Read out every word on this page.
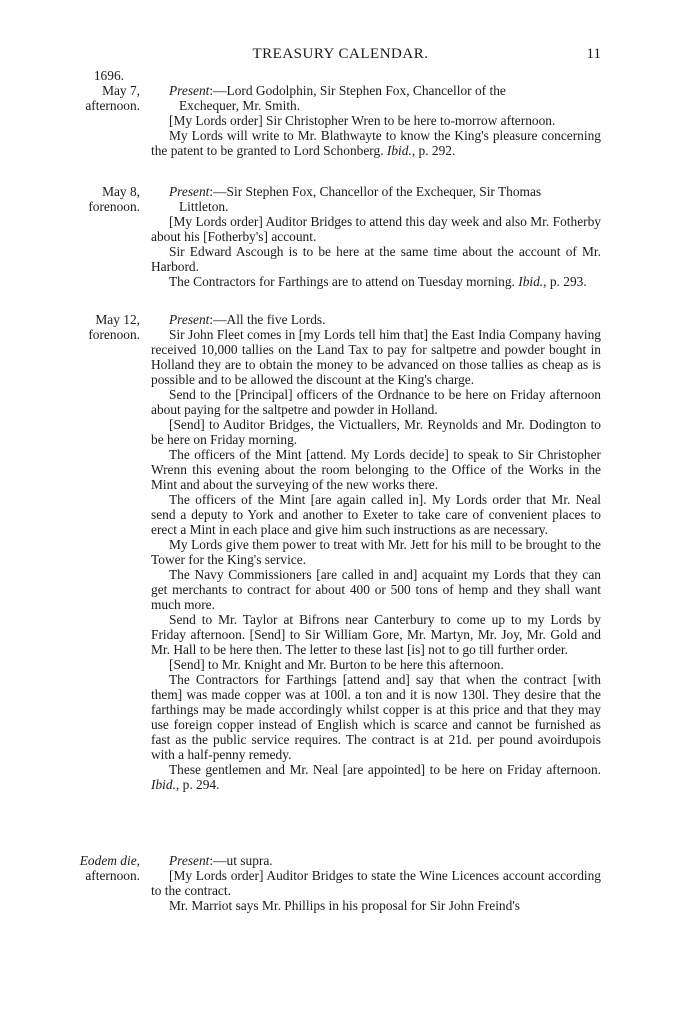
TREASURY CALENDAR.	11
1696.
May 7,
afternoon.

Present:—Lord Godolphin, Sir Stephen Fox, Chancellor of the
Exchequer, Mr. Smith.

[My Lords order] Sir Christopher Wren to be here to-morrow afternoon.

My Lords will write to Mr. Blathwayte to know the King's pleasure concerning the patent to be granted to Lord Schonberg. Ibid., p. 292.

May 8,
forenoon.

Present:—Sir Stephen Fox, Chancellor of the Exchequer, Sir Thomas
Littleton.

[My Lords order] Auditor Bridges to attend this day week and also Mr. Fotherby about his [Fotherby's] account.

Sir Edward Ascough is to be here at the same time about the account of Mr. Harbord.

The Contractors for Farthings are to attend on Tuesday morning. Ibid., p. 293.

May 12,
forenoon.

Present:—All the five Lords.

Sir John Fleet comes in [my Lords tell him that] the East India Company having received 10,000 tallies on the Land Tax to pay for saltpetre and powder bought in Holland they are to obtain the money to be advanced on those tallies as cheap as is possible and to be allowed the discount at the King's charge.

Send to the [Principal] officers of the Ordnance to be here on Friday afternoon about paying for the saltpetre and powder in Holland.

[Send] to Auditor Bridges, the Victuallers, Mr. Reynolds and Mr. Dodington to be here on Friday morning.

The officers of the Mint [attend. My Lords decide] to speak to Sir Christopher Wrenn this evening about the room belonging to the Office of the Works in the Mint and about the surveying of the new works there.

The officers of the Mint [are again called in]. My Lords order that Mr. Neal send a deputy to York and another to Exeter to take care of convenient places to erect a Mint in each place and give him such instructions as are necessary.

My Lords give them power to treat with Mr. Jett for his mill to be brought to the Tower for the King's service.

The Navy Commissioners [are called in and] acquaint my Lords that they can get merchants to contract for about 400 or 500 tons of hemp and they shall want much more.

Send to Mr. Taylor at Bifrons near Canterbury to come up to my Lords by Friday afternoon. [Send] to Sir William Gore, Mr. Martyn, Mr. Joy, Mr. Gold and Mr. Hall to be here then. The letter to these last [is] not to go till further order.

[Send] to Mr. Knight and Mr. Burton to be here this afternoon.

The Contractors for Farthings [attend and] say that when the contract [with them] was made copper was at 100l. a ton and it is now 130l. They desire that the farthings may be made accordingly whilst copper is at this price and that they may use foreign copper instead of English which is scarce and cannot be furnished as fast as the public service requires. The contract is at 21d. per pound avoirdupois with a half-penny remedy.

These gentlemen and Mr. Neal [are appointed] to be here on Friday afternoon. Ibid., p. 294.

Eodem die,
afternoon.

Present:—ut supra.

[My Lords order] Auditor Bridges to state the Wine Licences account according to the contract.

Mr. Marriot says Mr. Phillips in his proposal for Sir John Freind's
